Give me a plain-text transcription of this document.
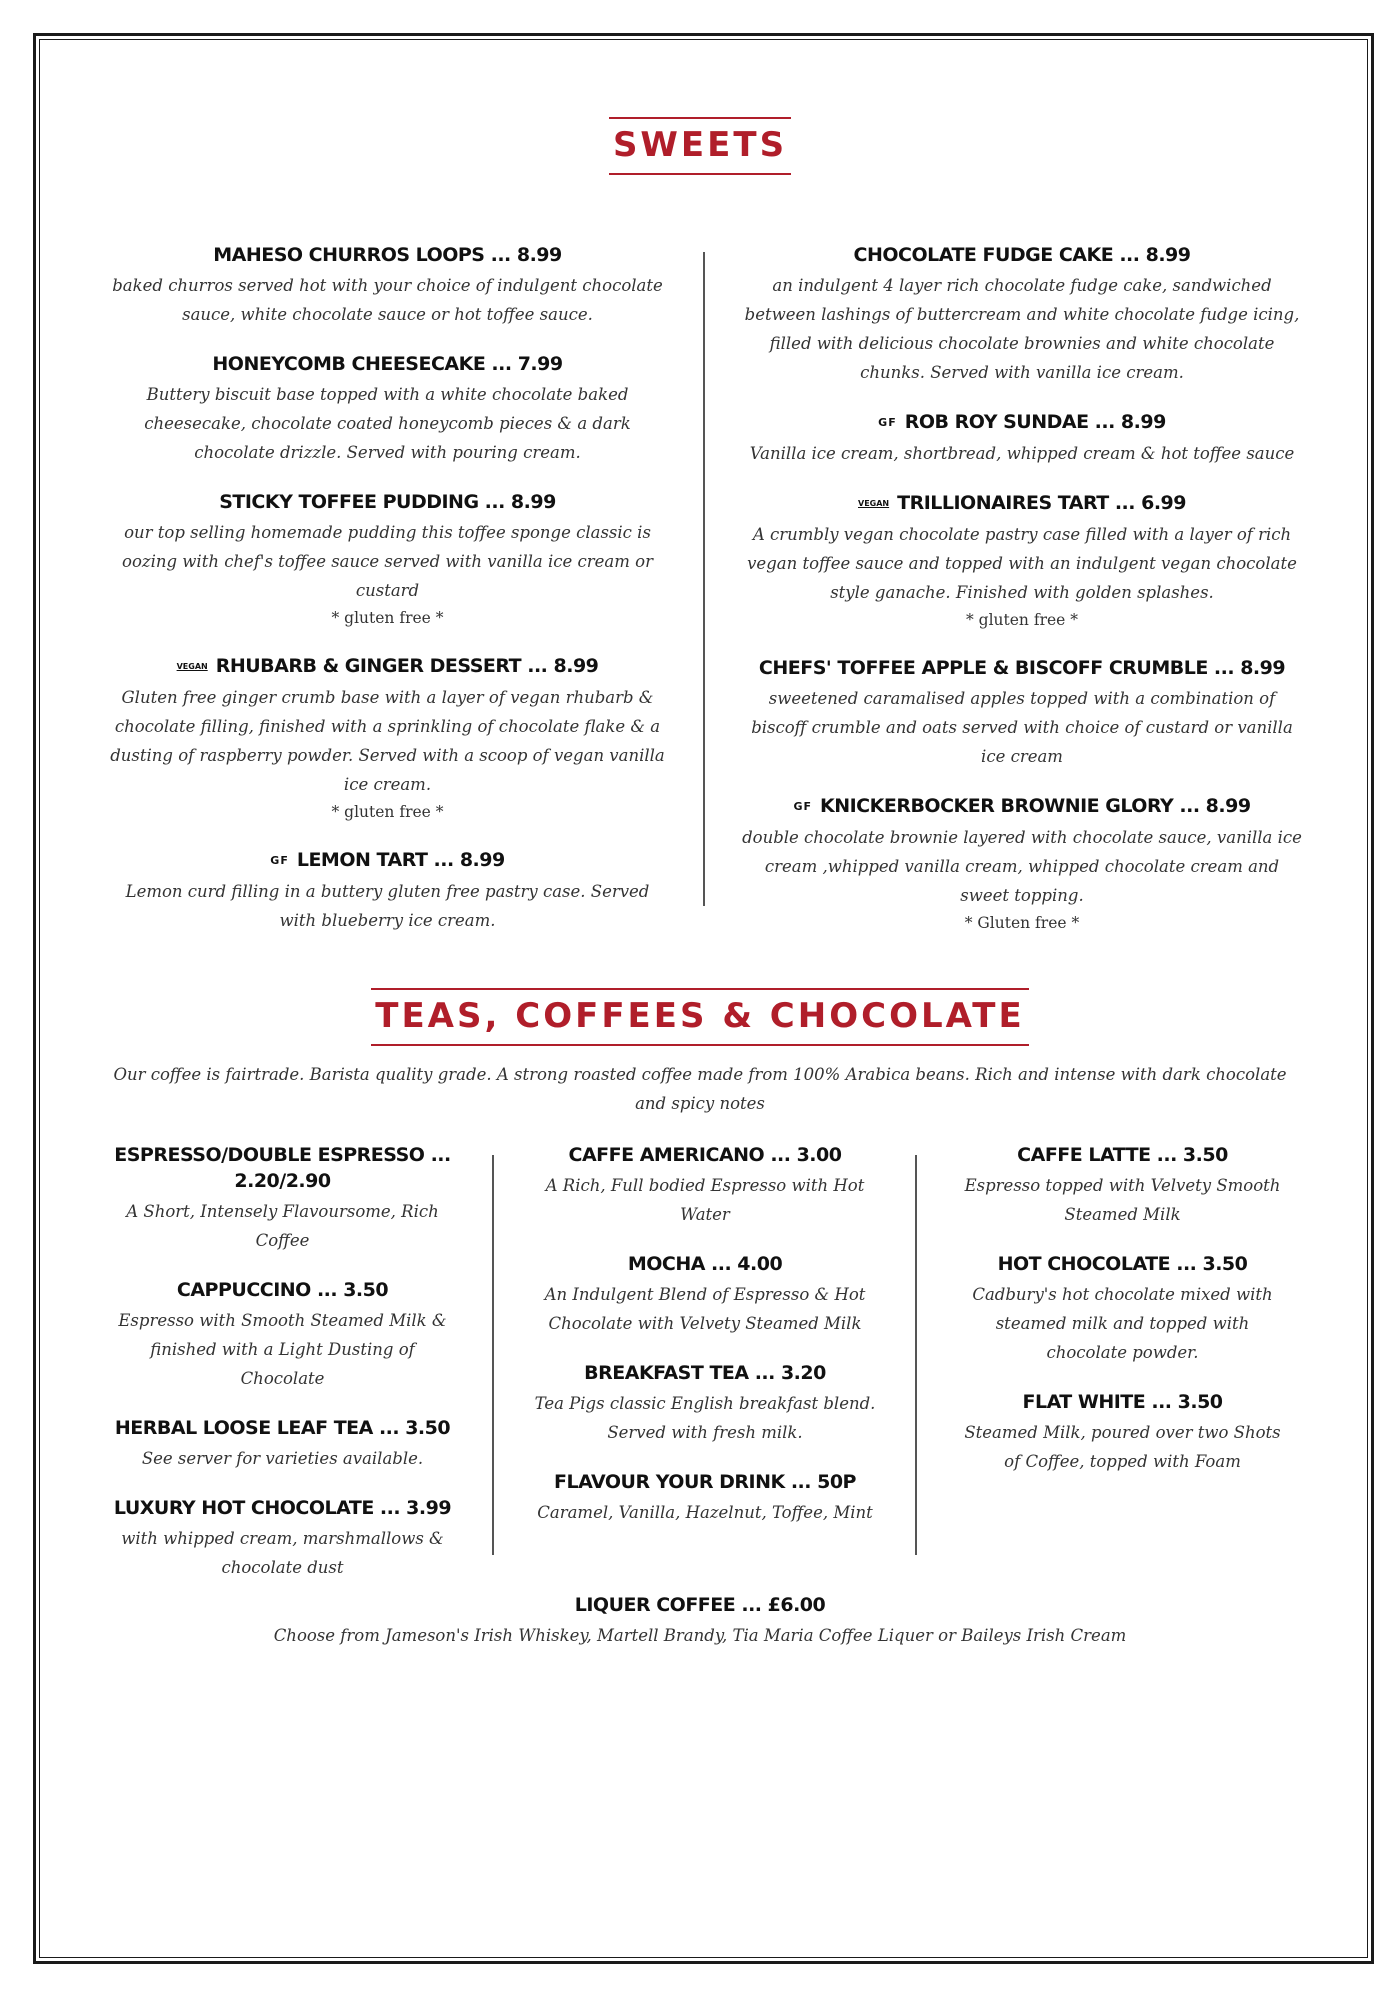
SWEETS
MAHESO CHURROS LOOPS ... 8.99
baked churros served hot with your choice of indulgent chocolate sauce, white chocolate sauce or hot toffee sauce.
HONEYCOMB CHEESECAKE ... 7.99
Buttery biscuit base topped with a white chocolate baked cheesecake, chocolate coated honeycomb pieces & a dark chocolate drizzle. Served with pouring cream.
STICKY TOFFEE PUDDING ... 8.99
our top selling homemade pudding this toffee sponge classic is oozing with chef's toffee sauce served with vanilla ice cream or custard
* gluten free *
VEGAN RHUBARB & GINGER DESSERT ... 8.99
Gluten free ginger crumb base with a layer of vegan rhubarb & chocolate filling, finished with a sprinkling of chocolate flake & a dusting of raspberry powder. Served with a scoop of vegan vanilla ice cream.
* gluten free *
GF LEMON TART ... 8.99
Lemon curd filling in a buttery gluten free pastry case. Served with blueberry ice cream.
CHOCOLATE FUDGE CAKE ... 8.99
an indulgent 4 layer rich chocolate fudge cake, sandwiched between lashings of buttercream and white chocolate fudge icing, filled with delicious chocolate brownies and white chocolate chunks. Served with vanilla ice cream.
GF ROB ROY SUNDAE ... 8.99
Vanilla ice cream, shortbread, whipped cream & hot toffee sauce
VEGAN TRILLIONAIRES TART ... 6.99
A crumbly vegan chocolate pastry case filled with a layer of rich vegan toffee sauce and topped with an indulgent vegan chocolate style ganache. Finished with golden splashes.
* gluten free *
CHEFS' TOFFEE APPLE & BISCOFF CRUMBLE ... 8.99
sweetened caramalised apples topped with a combination of biscoff crumble and oats served with choice of custard or vanilla ice cream
GF KNICKERBOCKER BROWNIE GLORY ... 8.99
double chocolate brownie layered with chocolate sauce, vanilla ice cream ,whipped vanilla cream, whipped chocolate cream and sweet topping.
* Gluten free *
TEAS, COFFEES & CHOCOLATE
Our coffee is fairtrade. Barista quality grade. A strong roasted coffee made from 100% Arabica beans. Rich and intense with dark chocolate and spicy notes
ESPRESSO/DOUBLE ESPRESSO ... 2.20/2.90
A Short, Intensely Flavoursome, Rich Coffee
CAPPUCCINO ... 3.50
Espresso with Smooth Steamed Milk & finished with a Light Dusting of Chocolate
HERBAL LOOSE LEAF TEA ... 3.50
See server for varieties available.
LUXURY HOT CHOCOLATE ... 3.99
with whipped cream, marshmallows & chocolate dust
CAFFE AMERICANO ... 3.00
A Rich, Full bodied Espresso with Hot Water
MOCHA ... 4.00
An Indulgent Blend of Espresso & Hot Chocolate with Velvety Steamed Milk
BREAKFAST TEA ... 3.20
Tea Pigs classic English breakfast blend. Served with fresh milk.
FLAVOUR YOUR DRINK ... 50P
Caramel, Vanilla, Hazelnut, Toffee, Mint
CAFFE LATTE ... 3.50
Espresso topped with Velvety Smooth Steamed Milk
HOT CHOCOLATE ... 3.50
Cadbury's hot chocolate mixed with steamed milk and topped with chocolate powder.
FLAT WHITE ... 3.50
Steamed Milk, poured over two Shots of Coffee, topped with Foam
LIQUER COFFEE ... £6.00
Choose from Jameson's Irish Whiskey, Martell Brandy, Tia Maria Coffee Liquer or Baileys Irish Cream
